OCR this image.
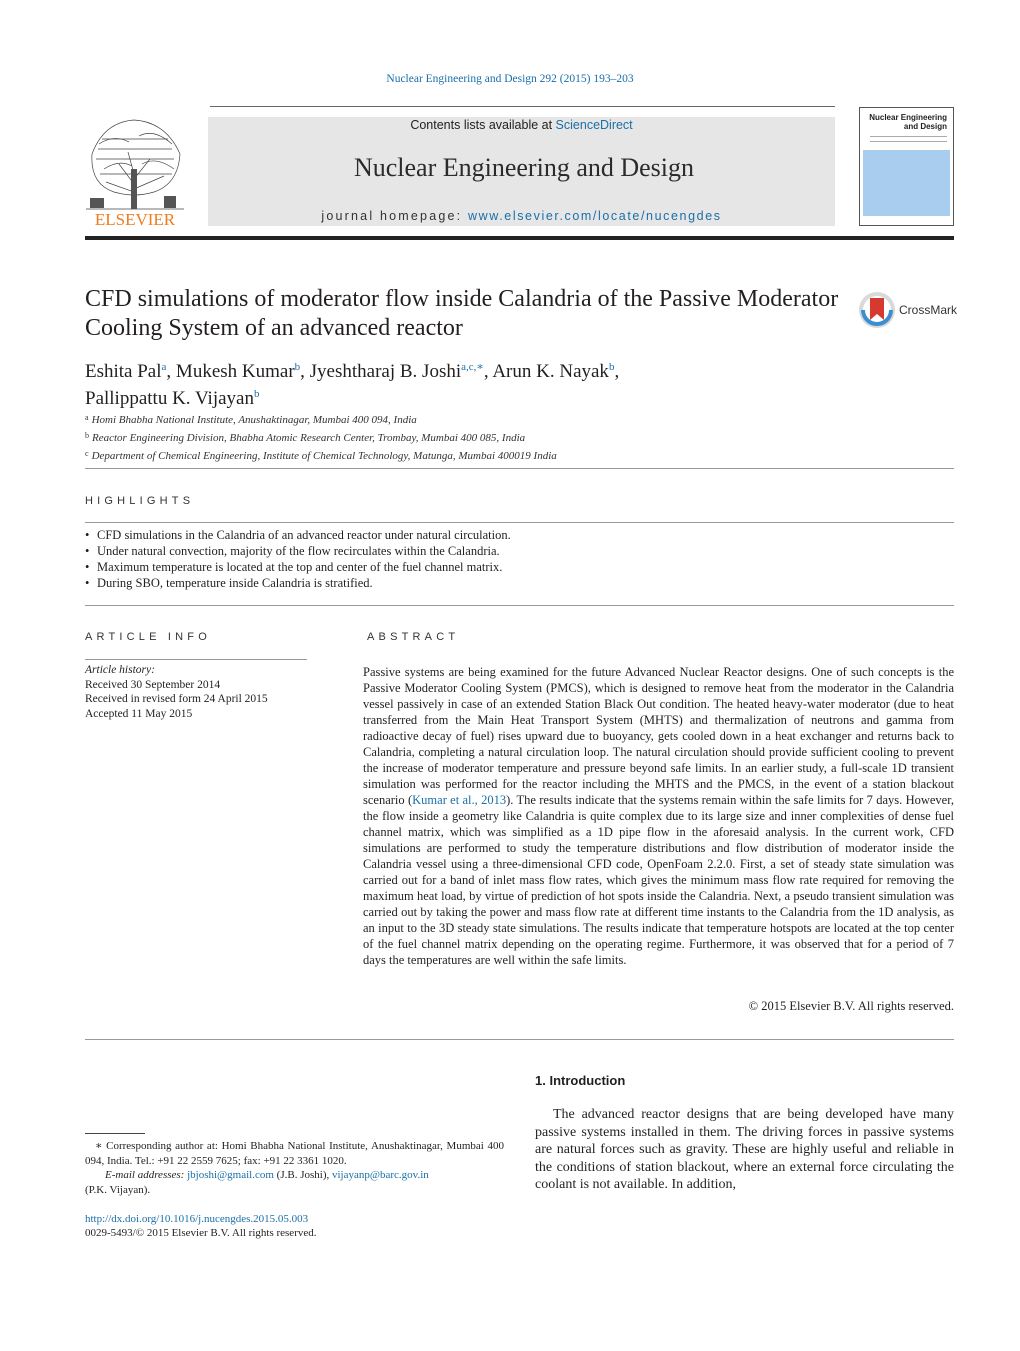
Nuclear Engineering and Design 292 (2015) 193–203
ELSEVIER
Contents lists available at ScienceDirect
Nuclear Engineering and Design
journal homepage: www.elsevier.com/locate/nucengdes
Nuclear Engineering
and Design
CFD simulations of moderator flow inside Calandria of the Passive Moderator Cooling System of an advanced reactor
CrossMark
Eshita Pal$^a$, Mukesh Kumar$^b$, Jyeshtharaj B. Joshi$^{a,c,∗}$, Arun K. Nayak$^b$,
Pallippattu K. Vijayan$^b$
$^a$ Homi Bhabha National Institute, Anushaktinagar, Mumbai 400 094, India
$^b$ Reactor Engineering Division, Bhabha Atomic Research Center, Trombay, Mumbai 400 085, India
$^c$ Department of Chemical Engineering, Institute of Chemical Technology, Matunga, Mumbai 400019 India
HIGHLIGHTS
• CFD simulations in the Calandria of an advanced reactor under natural circulation.
• Under natural convection, majority of the flow recirculates within the Calandria.
• Maximum temperature is located at the top and center of the fuel channel matrix.
• During SBO, temperature inside Calandria is stratified.
ARTICLE INFO
Article history:
Received 30 September 2014
Received in revised form 24 April 2015
Accepted 11 May 2015
ABSTRACT
Passive systems are being examined for the future Advanced Nuclear Reactor designs. One of such concepts is the Passive Moderator Cooling System (PMCS), which is designed to remove heat from the moderator in the Calandria vessel passively in case of an extended Station Black Out condition. The heated heavy-water moderator (due to heat transferred from the Main Heat Transport System (MHTS) and thermalization of neutrons and gamma from radioactive decay of fuel) rises upward due to buoyancy, gets cooled down in a heat exchanger and returns back to Calandria, completing a natural circulation loop. The natural circulation should provide sufficient cooling to prevent the increase of moderator temperature and pressure beyond safe limits. In an earlier study, a full-scale 1D transient simulation was performed for the reactor including the MHTS and the PMCS, in the event of a station blackout scenario (Kumar et al., 2013). The results indicate that the systems remain within the safe limits for 7 days. However, the flow inside a geometry like Calandria is quite complex due to its large size and inner complexities of dense fuel channel matrix, which was simplified as a 1D pipe flow in the aforesaid analysis. In the current work, CFD simulations are performed to study the temperature distributions and flow distribution of moderator inside the Calandria vessel using a three-dimensional CFD code, OpenFoam 2.2.0. First, a set of steady state simulation was carried out for a band of inlet mass flow rates, which gives the minimum mass flow rate required for removing the maximum heat load, by virtue of prediction of hot spots inside the Calandria. Next, a pseudo transient simulation was carried out by taking the power and mass flow rate at different time instants to the Calandria from the 1D analysis, as an input to the 3D steady state simulations. The results indicate that temperature hotspots are located at the top center of the fuel channel matrix depending on the operating regime. Furthermore, it was observed that for a period of 7 days the temperatures are well within the safe limits.
© 2015 Elsevier B.V. All rights reserved.
1. Introduction
The advanced reactor designs that are being developed have many passive systems installed in them. The driving forces in passive systems are natural forces such as gravity. These are highly useful and reliable in the conditions of station blackout, where an external force circulating the coolant is not available. In addition,
∗ Corresponding author at: Homi Bhabha National Institute, Anushaktinagar, Mumbai 400 094, India. Tel.: +91 22 2559 7625; fax: +91 22 3361 1020.
E-mail addresses: jbjoshi@gmail.com (J.B. Joshi), vijayanp@barc.gov.in
(P.K. Vijayan).
http://dx.doi.org/10.1016/j.nucengdes.2015.05.003
0029-5493/© 2015 Elsevier B.V. All rights reserved.
